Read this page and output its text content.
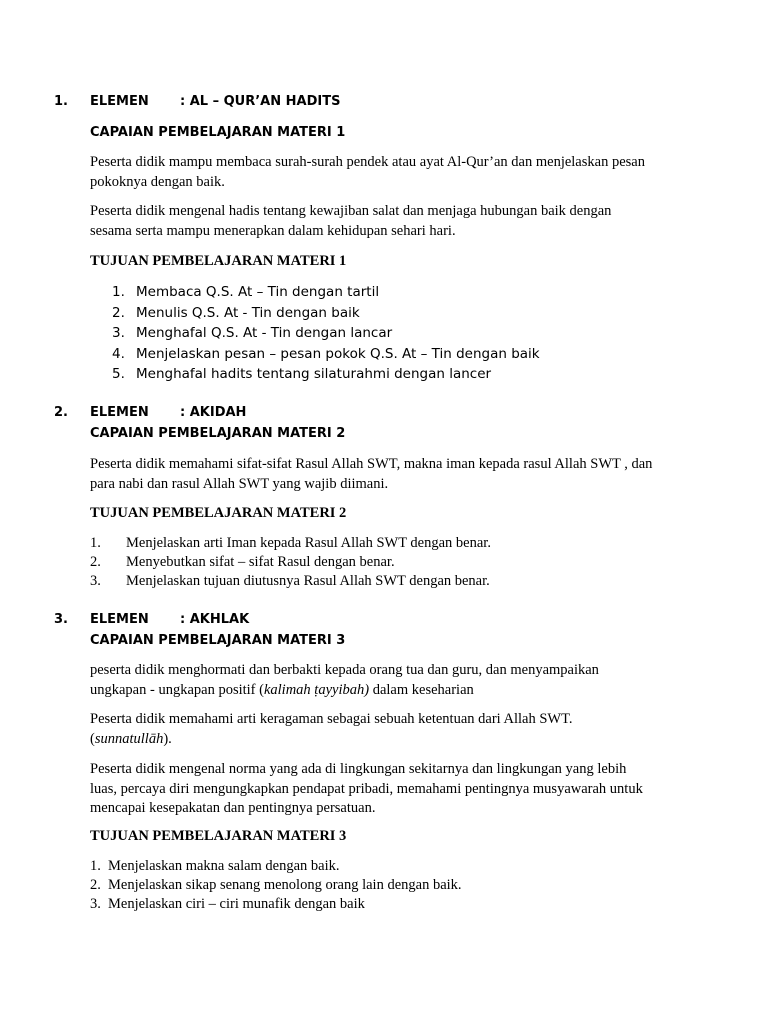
1. ELEMEN : AL – QUR’AN HADITS
CAPAIAN PEMBELAJARAN MATERI 1
Peserta didik mampu membaca surah-surah pendek atau ayat Al-Qur’an dan menjelaskan pesan
pokoknya dengan baik.
Peserta didik mengenal hadis tentang kewajiban salat dan menjaga hubungan baik dengan
sesama serta mampu menerapkan dalam kehidupan sehari hari.
TUJUAN PEMBELAJARAN MATERI 1
1. Membaca Q.S. At – Tin dengan tartil
2. Menulis Q.S. At - Tin dengan baik
3. Menghafal Q.S. At - Tin dengan lancar
4. Menjelaskan pesan – pesan pokok Q.S. At – Tin dengan baik
5. Menghafal hadits tentang silaturahmi dengan lancer
2. ELEMEN : AKIDAH
CAPAIAN PEMBELAJARAN MATERI 2
Peserta didik memahami sifat-sifat Rasul Allah SWT, makna iman kepada rasul Allah SWT , dan
para nabi dan rasul Allah SWT yang wajib diimani.
TUJUAN PEMBELAJARAN MATERI 2
1. Menjelaskan arti Iman kepada Rasul Allah SWT dengan benar.
2. Menyebutkan sifat – sifat Rasul dengan benar.
3. Menjelaskan tujuan diutusnya Rasul Allah SWT dengan benar.
3. ELEMEN : AKHLAK
CAPAIAN PEMBELAJARAN MATERI 3
peserta didik menghormati dan berbakti kepada orang tua dan guru, dan menyampaikan
ungkapan - ungkapan positif (kalimah ṭayyibah) dalam keseharian
Peserta didik memahami arti keragaman sebagai sebuah ketentuan dari Allah SWT.
(sunnatullāh).
Peserta didik mengenal norma yang ada di lingkungan sekitarnya dan lingkungan yang lebih
luas, percaya diri mengungkapkan pendapat pribadi, memahami pentingnya musyawarah untuk
mencapai kesepakatan dan pentingnya persatuan.
TUJUAN PEMBELAJARAN MATERI 3
1. Menjelaskan makna salam dengan baik.
2. Menjelaskan sikap senang menolong orang lain dengan baik.
3. Menjelaskan ciri – ciri munafik dengan baik
